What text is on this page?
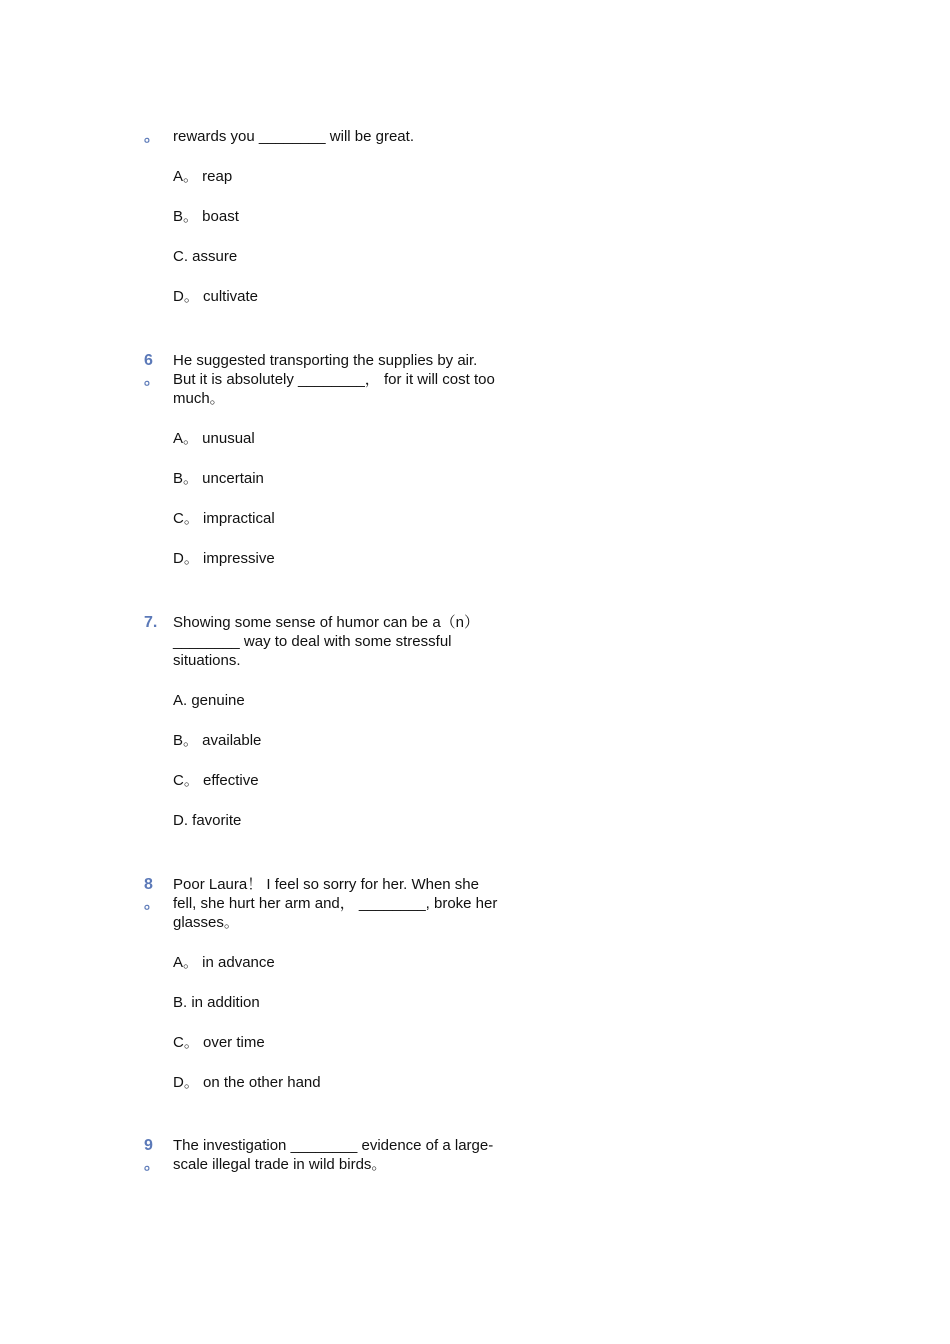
。 rewards you ________ will be great.
A。 reap
B。 boast
C. assure
D。 cultivate
6
。
He suggested transporting the supplies by air.
But it is absolutely ________， for it will cost too
much。
A。 unusual
B。 uncertain
C。 impractical
D。 impressive
7.	Showing some sense of humor can be a（n）
________ way to deal with some stressful
situations.
A. genuine
B。 available
C。 effective
D. favorite
8
。
Poor Laura！ I feel so sorry for her. When she
fell, she hurt her arm and， ________, broke her
glasses。
A。 in advance
B. in addition
C。 over time
D。 on the other hand
9
。
The investigation ________ evidence of a large-
scale illegal trade in wild birds。
